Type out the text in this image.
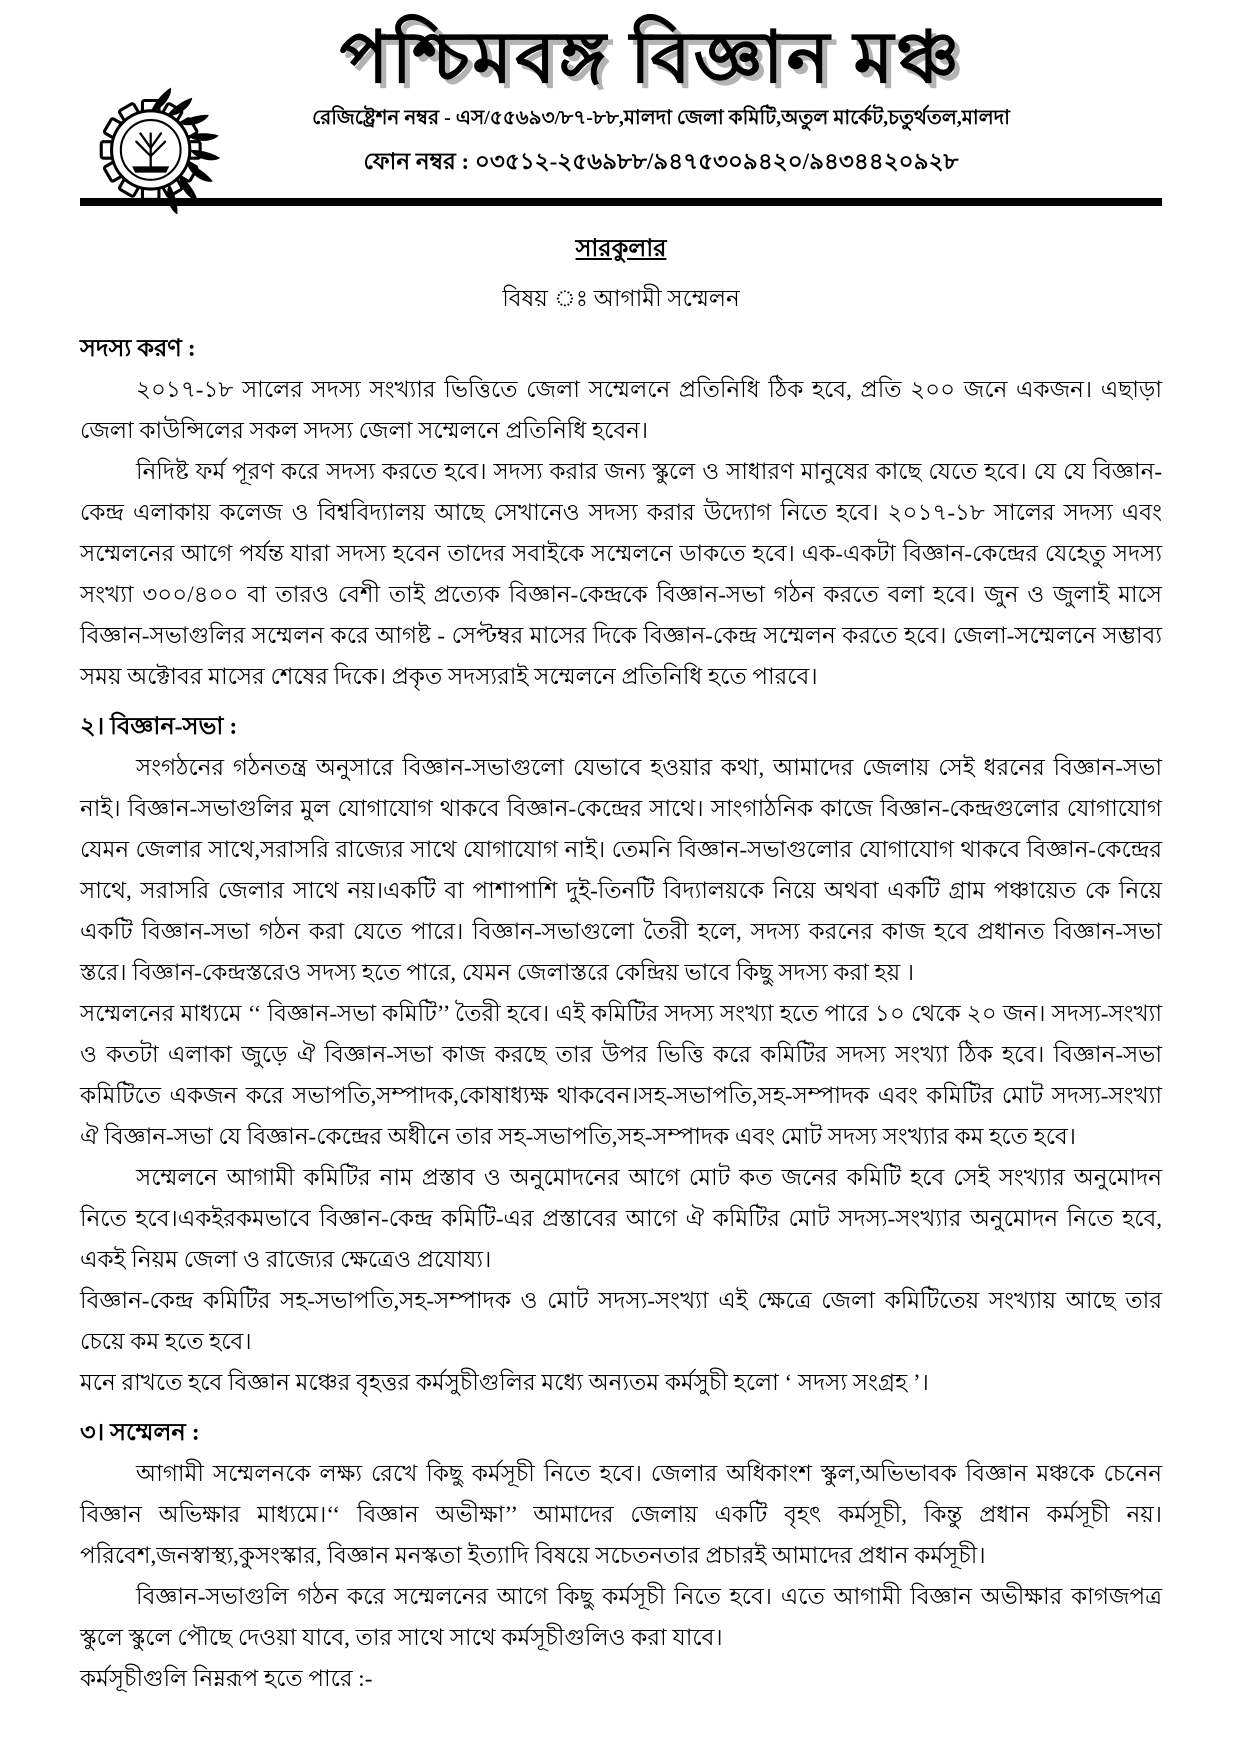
পশ্চিমবঙ্গ বিজ্ঞান মঞ্চ
রেজিষ্ট্রেশন নম্বর - এস/৫৫৬৯৩/৮৭-৮৮,মালদা জেলা কমিটি,অতুল মার্কেট,চতুর্থতল,মালদা
ফোন নম্বর : ০৩৫১২-২৫৬৯৮৮/৯৪৭৫৩০৯৪২০/৯৪৩৪৪২০৯২৮
সারকুলার
বিষয় ঃ আগামী সম্মেলন
সদস্য করণ :

২০১৭-১৮ সালের সদস্য সংখ্যার ভিত্তিতে জেলা সম্মেলনে প্রতিনিধি ঠিক হবে, প্রতি ২০০ জনে একজন। এছাড়া জেলা কাউন্সিলের সকল সদস্য জেলা সম্মেলনে প্রতিনিধি হবেন।

নিদিষ্ট ফর্ম পূরণ করে সদস্য করতে হবে। সদস্য করার জন্য স্কুলে ও সাধারণ মানুষের কাছে যেতে হবে। যে যে বিজ্ঞান-কেন্দ্র এলাকায় কলেজ ও বিশ্ববিদ্যালয় আছে সেখানেও সদস্য করার উদ্যোগ নিতে হবে। ২০১৭-১৮ সালের সদস্য এবং সম্মেলনের আগে পর্যন্ত যারা সদস্য হবেন তাদের সবাইকে সম্মেলনে ডাকতে হবে। এক-একটা বিজ্ঞান-কেন্দ্রের যেহেতু সদস্য সংখ্যা ৩০০/৪০০ বা তারও বেশী তাই প্রত্যেক বিজ্ঞান-কেন্দ্রকে বিজ্ঞান-সভা গঠন করতে বলা হবে। জুন ও জুলাই মাসে বিজ্ঞান-সভাগুলির সম্মেলন করে আগষ্ট - সেপ্টম্বর মাসের দিকে বিজ্ঞান-কেন্দ্র সম্মেলন করতে হবে। জেলা-সম্মেলনে সম্ভাব্য সময় অক্টোবর মাসের শেষের দিকে। প্রকৃত সদস্যরাই সম্মেলনে প্রতিনিধি হতে পারবে।

২। বিজ্ঞান-সভা :

সংগঠনের গঠনতন্ত্র অনুসারে বিজ্ঞান-সভাগুলো যেভাবে হওয়ার কথা, আমাদের জেলায় সেই ধরনের বিজ্ঞান-সভা নাই। বিজ্ঞান-সভাগুলির মুল যোগাযোগ থাকবে বিজ্ঞান-কেন্দ্রের সাথে। সাংগাঠনিক কাজে বিজ্ঞান-কেন্দ্রগুলোর যোগাযোগ যেমন জেলার সাথে,সরাসরি রাজ্যের সাথে যোগাযোগ নাই। তেমনি বিজ্ঞান-সভাগুলোর যোগাযোগ থাকবে বিজ্ঞান-কেন্দ্রের সাথে, সরাসরি জেলার সাথে নয়।একটি বা পাশাপাশি দুই-তিনটি বিদ্যালয়কে নিয়ে অথবা একটি গ্রাম পঞ্চায়েত কে নিয়ে একটি বিজ্ঞান-সভা গঠন করা যেতে পারে। বিজ্ঞান-সভাগুলো তৈরী হলে, সদস্য করনের কাজ হবে প্রধানত বিজ্ঞান-সভা স্তরে। বিজ্ঞান-কেন্দ্রস্তরেও সদস্য হতে পারে, যেমন জেলাস্তরে কেন্দ্রিয় ভাবে কিছু সদস্য করা হয় ।

সম্মেলনের মাধ্যমে ‘‘ বিজ্ঞান-সভা কমিটি’’ তৈরী হবে। এই কমিটির সদস্য সংখ্যা হতে পারে ১০ থেকে ২০ জন। সদস্য-সংখ্যা ও কতটা এলাকা জুড়ে ঐ বিজ্ঞান-সভা কাজ করছে তার উপর ভিত্তি করে কমিটির সদস্য সংখ্যা ঠিক হবে। বিজ্ঞান-সভা কমিটিতে একজন করে সভাপতি,সম্পাদক,কোষাধ্যক্ষ থাকবেন।সহ-সভাপতি,সহ-সম্পাদক এবং কমিটির মোট সদস্য-সংখ্যা ঐ বিজ্ঞান-সভা যে বিজ্ঞান-কেন্দ্রের অধীনে তার সহ-সভাপতি,সহ-সম্পাদক এবং মোট সদস্য সংখ্যার কম হতে হবে।

সম্মেলনে আগামী কমিটির নাম প্রস্তাব ও অনুমোদনের আগে মোট কত জনের কমিটি হবে সেই সংখ্যার অনুমোদন নিতে হবে।একইরকমভাবে বিজ্ঞান-কেন্দ্র কমিটি-এর প্রস্তাবের আগে ঐ কমিটির মোট সদস্য-সংখ্যার অনুমোদন নিতে হবে, একই নিয়ম জেলা ও রাজ্যের ক্ষেত্রেও প্রযোয্য।

বিজ্ঞান-কেন্দ্র কমিটির সহ-সভাপতি,সহ-সম্পাদক ও মোট সদস্য-সংখ্যা এই ক্ষেত্রে জেলা কমিটিতেয় সংখ্যায় আছে তার চেয়ে কম হতে হবে।

মনে রাখতে হবে বিজ্ঞান মঞ্চের বৃহত্তর কর্মসুচীগুলির মধ্যে অন্যতম কর্মসুচী হলো ‘ সদস্য সংগ্রহ ’।

৩। সম্মেলন :

আগামী সম্মেলনকে লক্ষ্য রেখে কিছু কর্মসূচী নিতে হবে। জেলার অধিকাংশ স্কুল,অভিভাবক বিজ্ঞান মঞ্চকে চেনেন বিজ্ঞান অভিক্ষার মাধ্যমে।‘‘ বিজ্ঞান অভীক্ষা’’ আমাদের জেলায় একটি বৃহৎ কর্মসূচী, কিন্তু প্রধান কর্মসূচী নয়। পরিবেশ,জনস্বাস্থ্য,কুসংস্কার, বিজ্ঞান মনস্কতা ইত্যাদি বিষয়ে সচেতনতার প্রচারই আমাদের প্রধান কর্মসূচী।

বিজ্ঞান-সভাগুলি গঠন করে সম্মেলনের আগে কিছু কর্মসূচী নিতে হবে। এতে আগামী বিজ্ঞান অভীক্ষার কাগজপত্র স্কুলে স্কুলে পৌছে দেওয়া যাবে, তার সাথে সাথে কর্মসূচীগুলিও করা যাবে।

কর্মসূচীগুলি নিম্নরূপ হতে পারে :-
